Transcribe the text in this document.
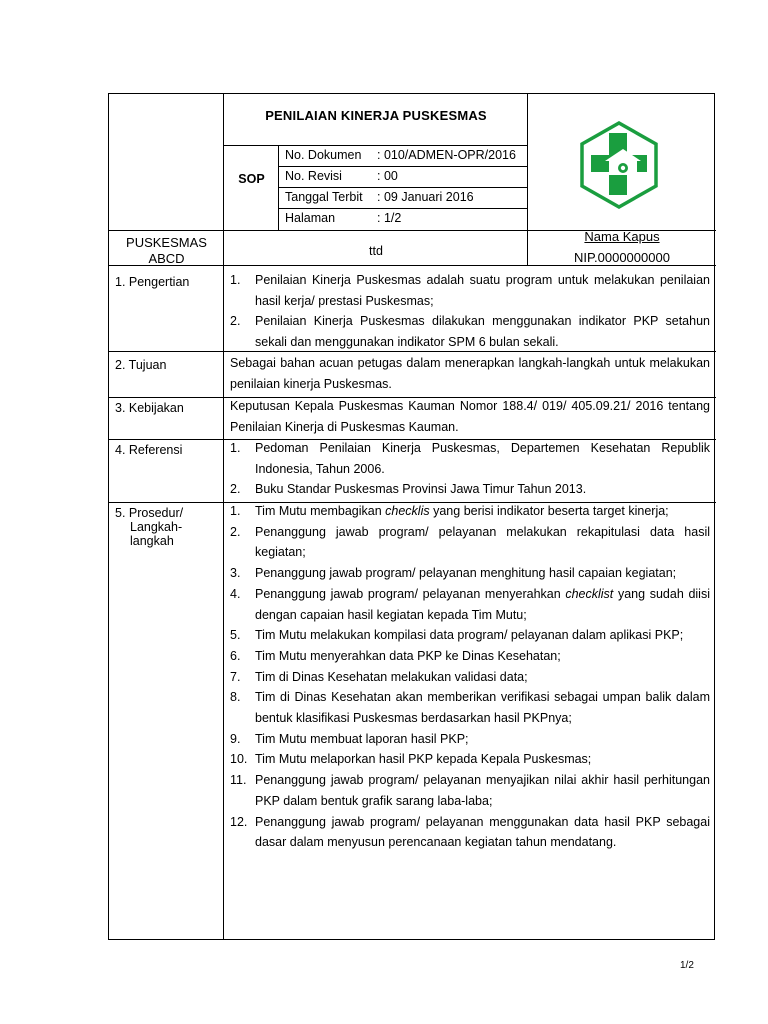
PENILAIAN KINERJA PUSKESMAS
SOP
No. Dokumen : 010/ADMEN-OPR/2016
No. Revisi	: 00
Tanggal Terbit : 09 Januari 2016
Halaman	: 1/2
PUSKESMAS
ABCD	ttd
Nama Kapus
NIP.0000000000
1. Pengertian	1.	Penilaian Kinerja Puskesmas adalah suatu program untuk melakukan penilaian hasil kerja/ prestasi Puskesmas;
2.	Penilaian Kinerja Puskesmas dilakukan menggunakan indikator PKP setahun sekali dan menggunakan indikator SPM 6 bulan sekali.
2. Tujuan	Sebagai bahan acuan petugas dalam menerapkan langkah-langkah untuk melakukan penilaian kinerja Puskesmas.

3. Kebijakan	Keputusan Kepala Puskesmas Kauman Nomor 188.4/ 019/ 405.09.21/ 2016 tentang Penilaian Kinerja di Puskesmas Kauman.

4. Referensi	1.	Pedoman Penilaian Kinerja Puskesmas, Departemen Kesehatan Republik Indonesia, Tahun 2006.
2.	Buku Standar Puskesmas Provinsi Jawa Timur Tahun 2013.
5. Prosedur/
Langkah-
langkah
1.	Tim Mutu membagikan checklis yang berisi indikator beserta target kinerja;
2.	Penanggung jawab program/ pelayanan melakukan rekapitulasi data hasil kegiatan;
3.	Penanggung jawab program/ pelayanan menghitung hasil capaian kegiatan;
4.	Penanggung jawab program/ pelayanan menyerahkan checklist yang sudah diisi dengan capaian hasil kegiatan kepada Tim Mutu;
5.	Tim Mutu melakukan kompilasi data program/ pelayanan dalam aplikasi PKP;
6.	Tim Mutu menyerahkan data PKP ke Dinas Kesehatan;
7.	Tim di Dinas Kesehatan melakukan validasi data;
8.	Tim di Dinas Kesehatan akan memberikan verifikasi sebagai umpan balik dalam bentuk klasifikasi Puskesmas berdasarkan hasil PKPnya;
9.	Tim Mutu membuat laporan hasil PKP;
10. Tim Mutu melaporkan hasil PKP kepada Kepala Puskesmas;
11. Penanggung jawab program/ pelayanan menyajikan nilai akhir hasil perhitungan PKP dalam bentuk grafik sarang laba-laba;
12. Penanggung jawab program/ pelayanan menggunakan data hasil PKP sebagai dasar dalam menyusun perencanaan kegiatan tahun mendatang.
1/2
